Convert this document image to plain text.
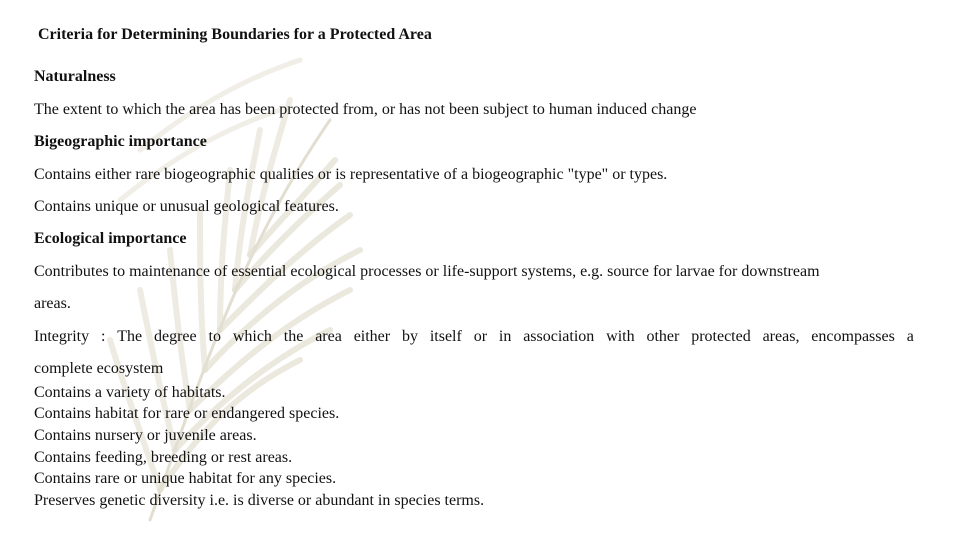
Criteria for Determining Boundaries for a Protected Area
Naturalness
The extent to which the area has been protected from, or has not been subject to human induced change
Bigeographic importance
Contains either rare biogeographic qualities or is representative of a biogeographic "type" or types.
Contains unique or unusual geological features.
Ecological importance
Contributes to maintenance of essential ecological processes or life-support systems, e.g. source for larvae for downstream
areas.
Integrity : The degree to which the area either by itself or in association with other protected areas, encompasses a
complete ecosystem
Contains a variety of habitats.
Contains habitat for rare or endangered species.
Contains nursery or juvenile areas.
Contains feeding, breeding or rest areas.
Contains rare or unique habitat for any species.
Preserves genetic diversity i.e. is diverse or abundant in species terms.
